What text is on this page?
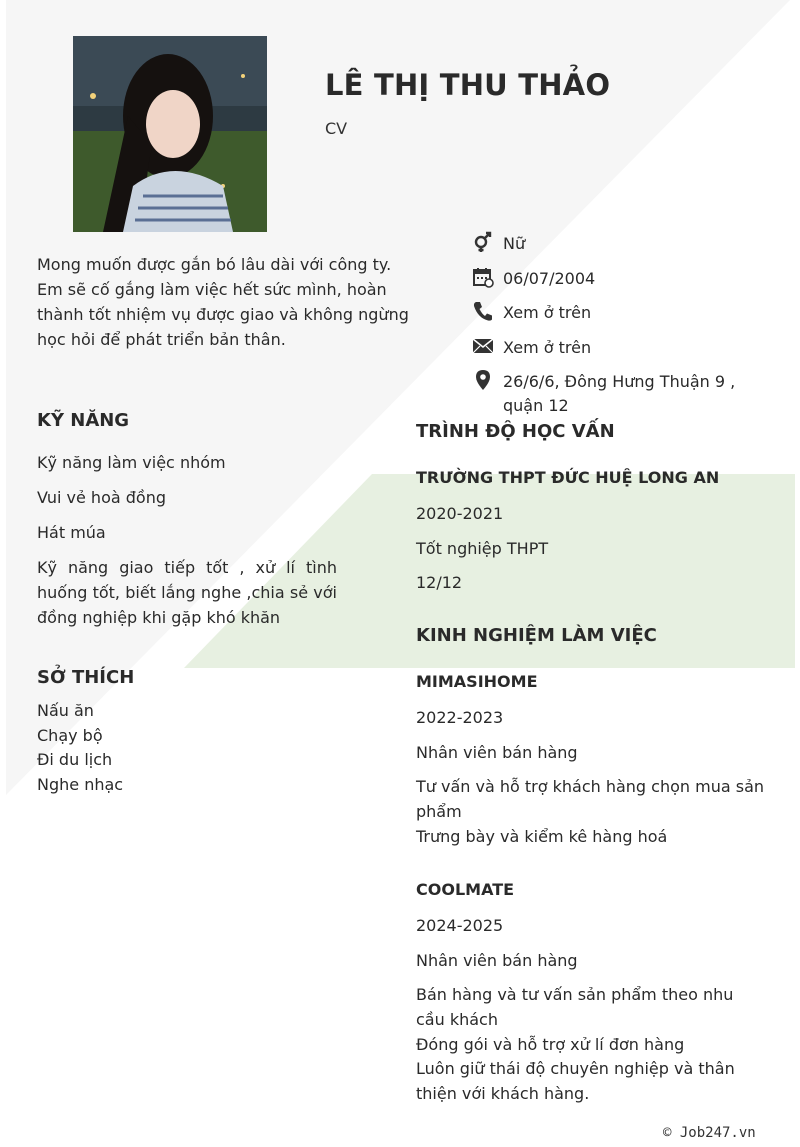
LÊ THỊ THU THẢO
CV
Mong muốn được gắn bó lâu dài với công ty. Em sẽ cố gắng làm việc hết sức mình, hoàn thành tốt nhiệm vụ được giao và không ngừng học hỏi để phát triển bản thân.
Nữ
06/07/2004
Xem ở trên
Xem ở trên
26/6/6, Đông Hưng Thuận 9 , quận 12
KỸ NĂNG
Kỹ năng làm việc nhóm
Vui vẻ hoà đồng
Hát múa
Kỹ năng giao tiếp tốt , xử lí tình huống tốt, biết lắng nghe ,chia sẻ với đồng nghiệp khi gặp khó khăn
SỞ THÍCH
Nấu ăn
Chạy bộ
Đi du lịch
Nghe nhạc
TRÌNH ĐỘ HỌC VẤN
TRƯỜNG THPT ĐỨC HUỆ LONG AN
2020-2021
Tốt nghiệp THPT
12/12
KINH NGHIỆM LÀM VIỆC
MIMASIHOME
2022-2023
Nhân viên bán hàng
Tư vấn và hỗ trợ khách hàng chọn mua sản phẩm
Trưng bày và kiểm kê hàng hoá
COOLMATE
2024-2025
Nhân viên bán hàng
Bán hàng và tư vấn sản phẩm theo nhu cầu khách
Đóng gói và hỗ trợ xử lí đơn hàng
Luôn giữ thái độ chuyên nghiệp và thân thiện với khách hàng.
© Job247.vn
